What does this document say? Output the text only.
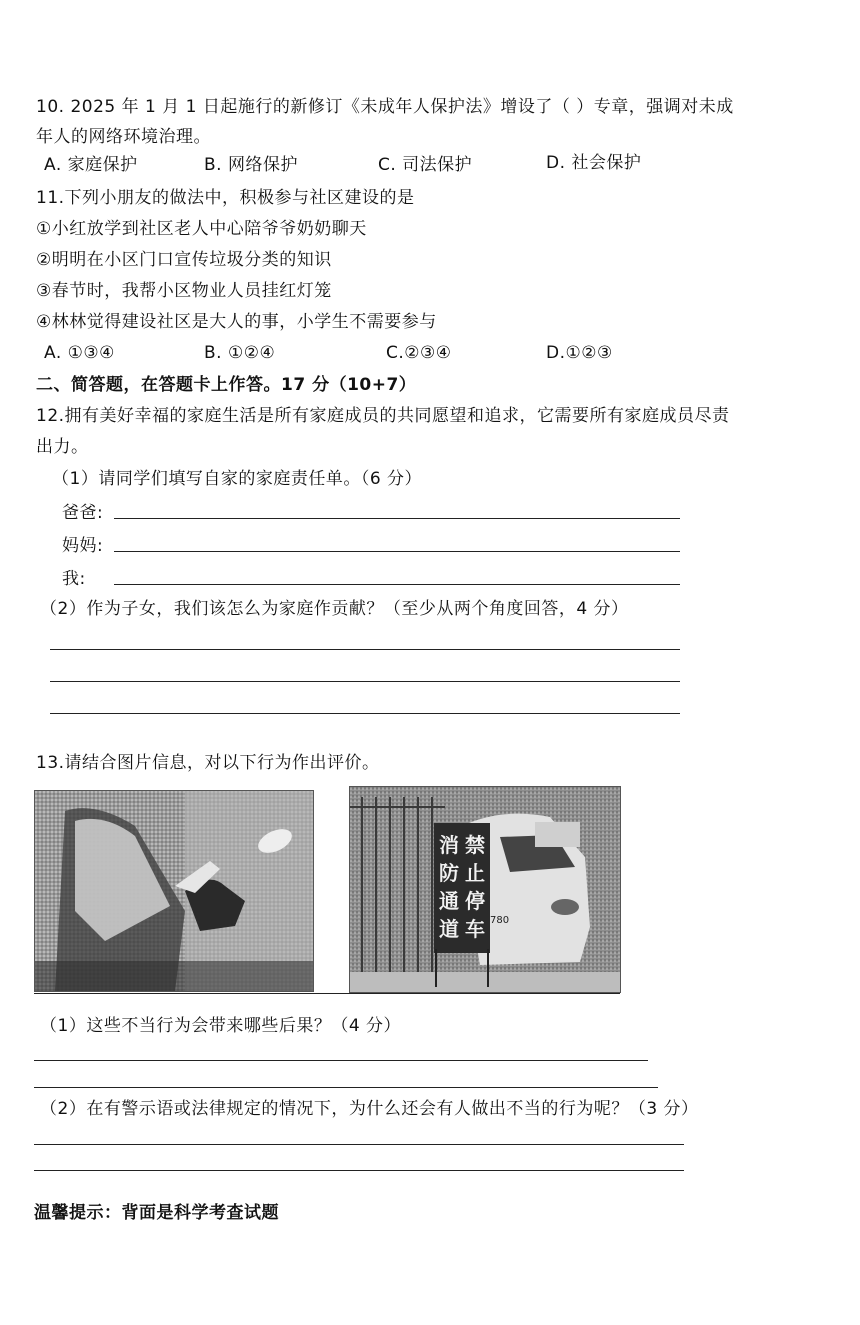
10. 2025 年 1 月 1 日起施行的新修订《未成年人保护法》增设了（ ）专章，强调对未成
年人的网络环境治理。
A. 家庭保护	B. 网络保护	C. 司法保护	D. 社会保护
11.下列小朋友的做法中，积极参与社区建设的是
①小红放学到社区老人中心陪爷爷奶奶聊天
②明明在小区门口宣传垃圾分类的知识
③春节时，我帮小区物业人员挂红灯笼
④林林觉得建设社区是大人的事，小学生不需要参与
A. ①③④	B. ①②④	C.②③④	D.①②③
二、简答题，在答题卡上作答。17 分（10+7）
12.拥有美好幸福的家庭生活是所有家庭成员的共同愿望和追求，它需要所有家庭成员尽责
出力。
（1）请同学们填写自家的家庭责任单。（6 分）
爸爸:
妈妈:
我:
（2）作为子女，我们该怎么为家庭作贡献？（至少从两个角度回答，4 分）
13.请结合图片信息，对以下行为作出评价。
消防通道
禁止停车 780
（1）这些不当行为会带来哪些后果？（4 分）
（2）在有警示语或法律规定的情况下，为什么还会有人做出不当的行为呢？（3 分）
温馨提示：背面是科学考查试题
